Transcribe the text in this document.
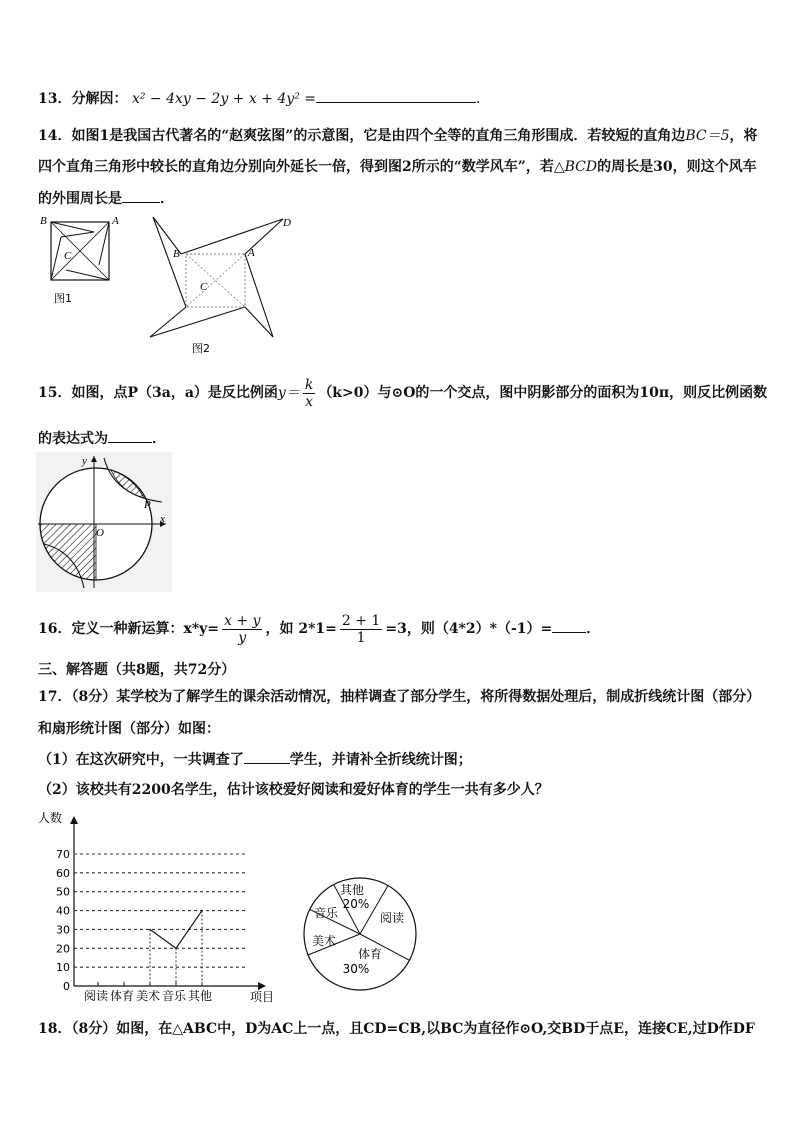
13．分解因： x² − 4xy − 2y + x + 4y² =	.
14．如图1是我国古代著名的“赵爽弦图”的示意图，它是由四个全等的直角三角形围成．若较短的直角边BC＝5，将
四个直角三角形中较长的直角边分别向外延长一倍，得到图2所示的“数学风车”，若△BCD的周长是30，则这个风车
的外围周长是	．
B	A
C
图1
B	A
C
D
图2
15．如图，点P（3a，a）是反比例函$y= \frac{k}{x} (k>0)$与⊙O的一个交点，图中阴影部分的面积为10π，则反比例函数
的表达式为	．
y
x
O
P
16．定义一种新运算：$x*y= \frac{x + y}{y}$ ，如 $2*1= \frac{2 + 1}{1} =3$，则（4*2）*（-1）= ．
三、解答题（共8题，共72分）
17．（8分）某学校为了解学生的课余活动情况，抽样调查了部分学生，将所得数据处理后，制成折线统计图（部分）
和扇形统计图（部分）如图：
（1）在这次研究中，一共调查了	学生，并请补全折线统计图；
（2）该校共有2200名学生，估计该校爱好阅读和爱好体育的学生一共有多少人？
0
10
20
30
40
50
60
70
人数
项目
阅读 体育 美术 音乐 其他
其他
20%
阅读
体育
30%
美术
音乐
18．（8分）如图，在△ABC中，D为AC上一点，且CD=CB,以BC为直径作⊙O,交BD于点E，连接CE,过D作DF
